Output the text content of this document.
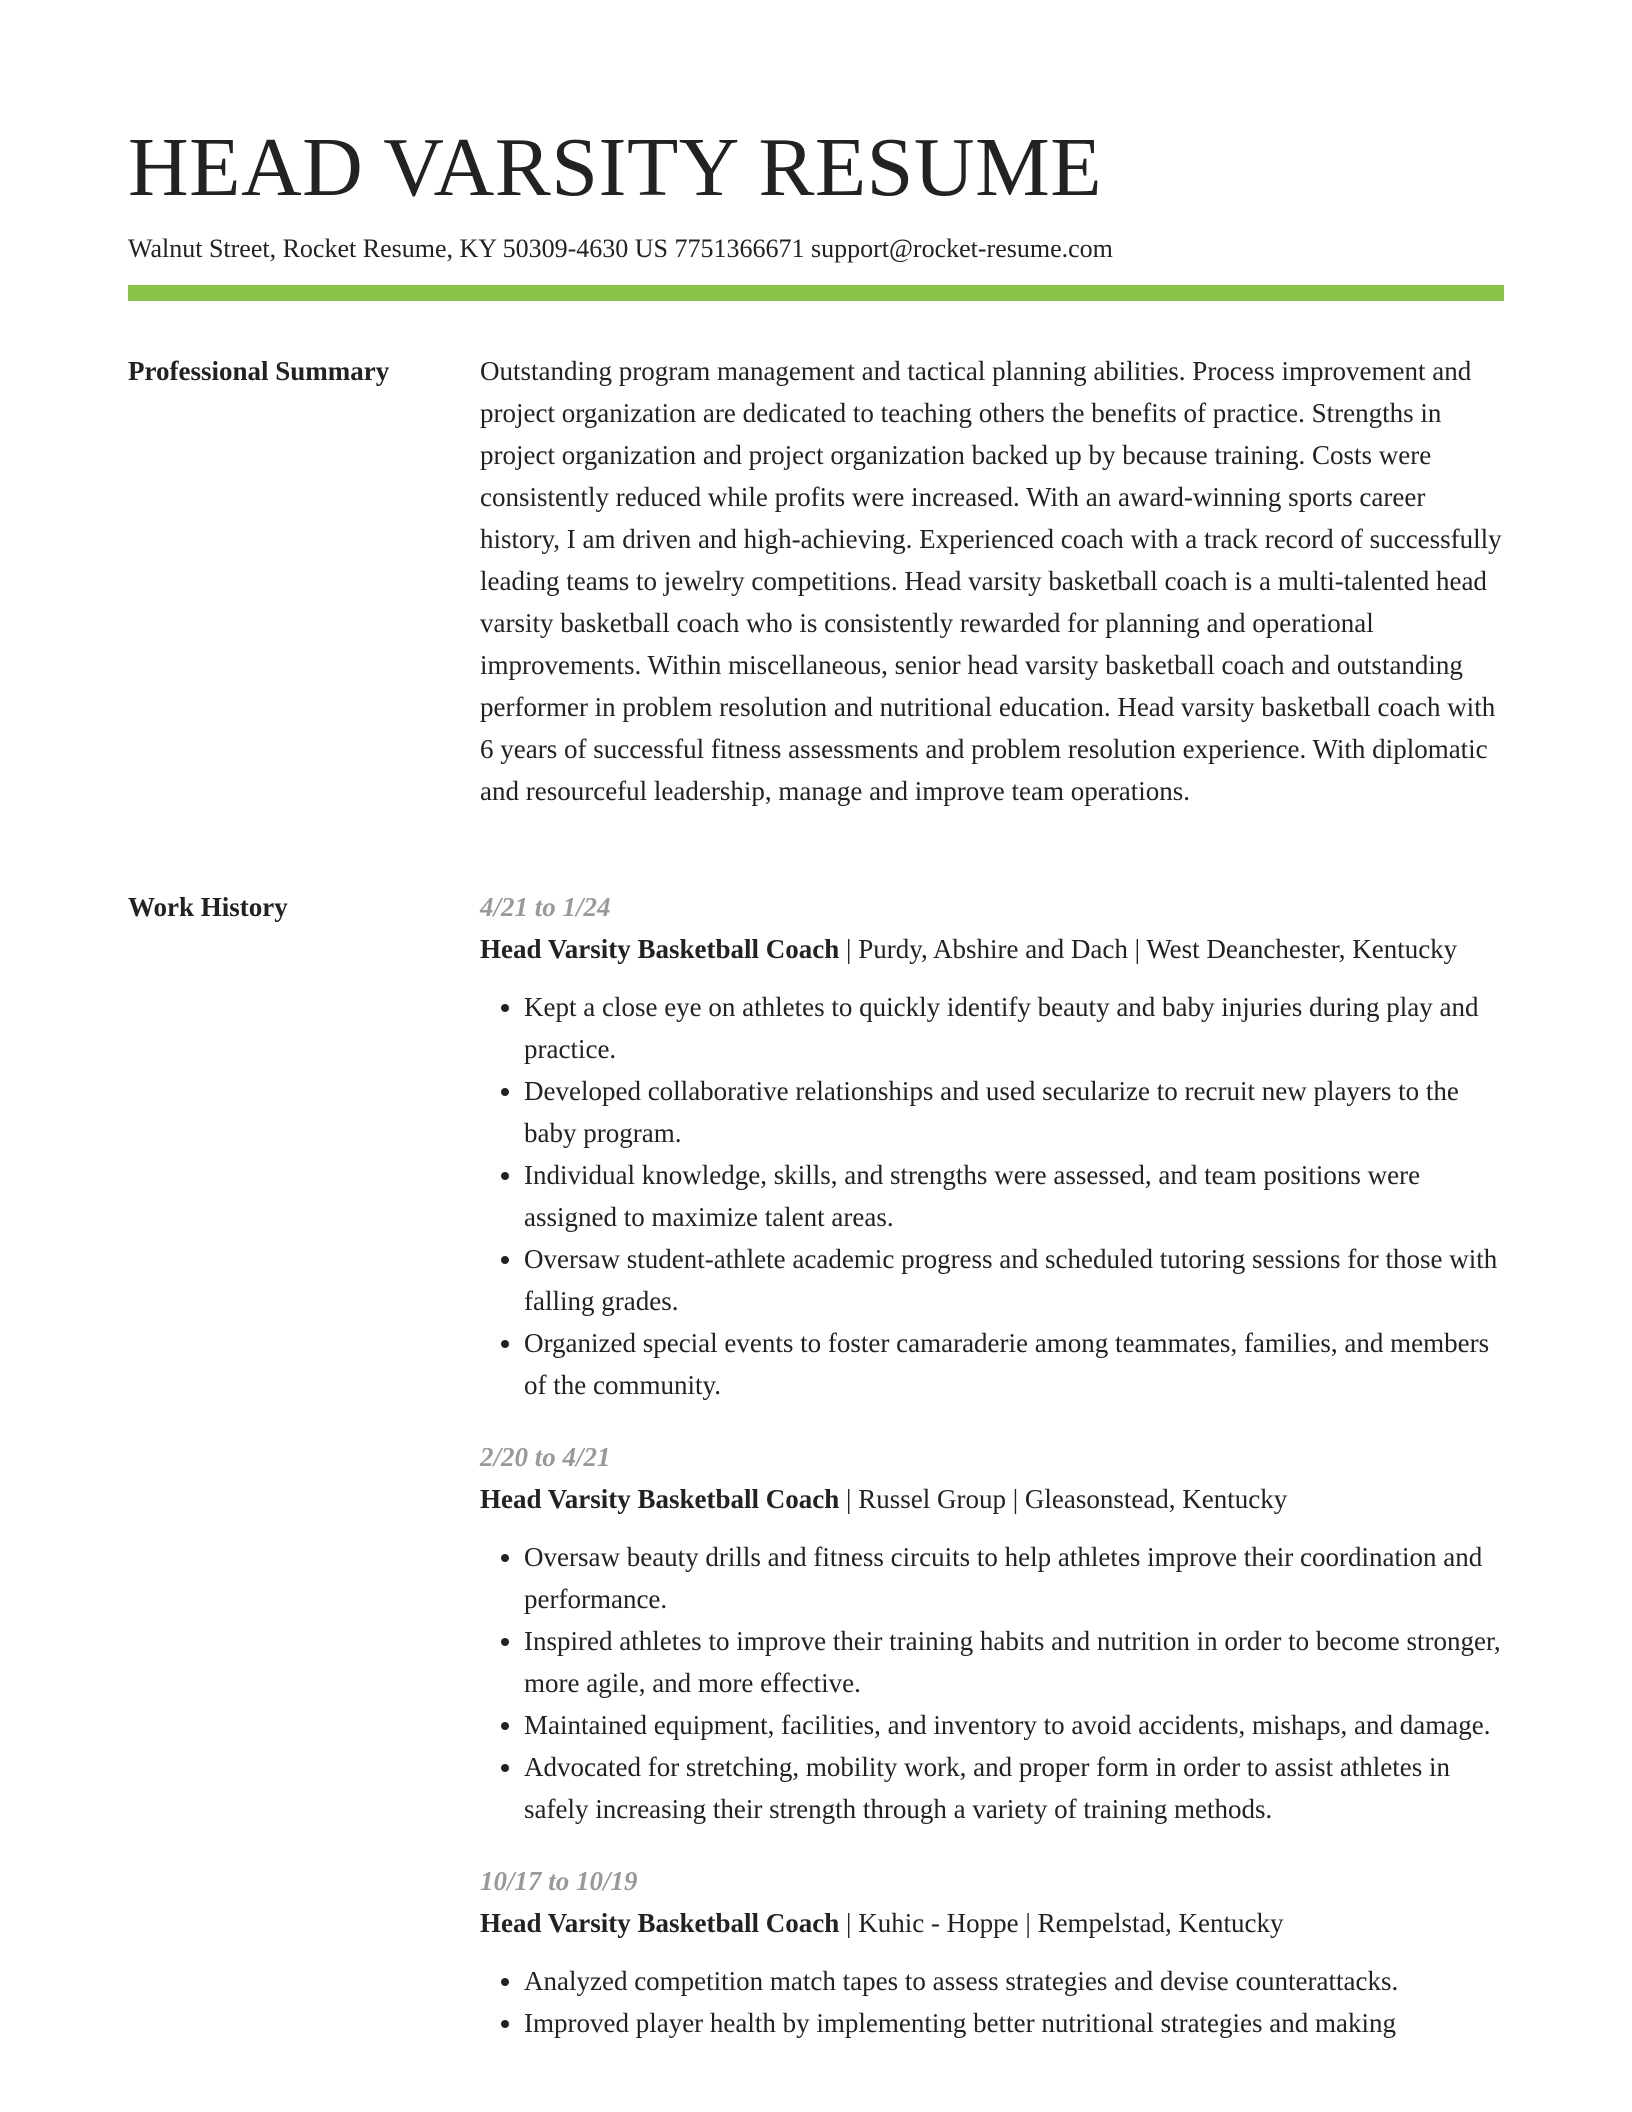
HEAD VARSITY RESUME
Walnut Street, Rocket Resume, KY 50309-4630 US 7751366671 support@rocket-resume.com
Professional Summary	Outstanding program management and tactical planning abilities. Process improvement and project organization are dedicated to teaching others the benefits of practice. Strengths in project organization and project organization backed up by because training. Costs were consistently reduced while profits were increased. With an award-winning sports career history, I am driven and high-achieving. Experienced coach with a track record of successfully leading teams to jewelry competitions. Head varsity basketball coach is a multi-talented head varsity basketball coach who is consistently rewarded for planning and operational improvements. Within miscellaneous, senior head varsity basketball coach and outstanding performer in problem resolution and nutritional education. Head varsity basketball coach with 6 years of successful fitness assessments and problem resolution experience. With diplomatic and resourceful leadership, manage and improve team operations.

Work History	4/21 to 1/24

Head Varsity Basketball Coach | Purdy, Abshire and Dach | West Deanchester, Kentucky

• Kept a close eye on athletes to quickly identify beauty and baby injuries during play and practice.
• Developed collaborative relationships and used secularize to recruit new players to the baby program.
• Individual knowledge, skills, and strengths were assessed, and team positions were assigned to maximize talent areas.
• Oversaw student-athlete academic progress and scheduled tutoring sessions for those with falling grades.
• Organized special events to foster camaraderie among teammates, families, and members of the community.
2/20 to 4/21

Head Varsity Basketball Coach | Russel Group | Gleasonstead, Kentucky

• Oversaw beauty drills and fitness circuits to help athletes improve their coordination and performance.
• Inspired athletes to improve their training habits and nutrition in order to become stronger, more agile, and more effective.
• Maintained equipment, facilities, and inventory to avoid accidents, mishaps, and damage.
• Advocated for stretching, mobility work, and proper form in order to assist athletes in safely increasing their strength through a variety of training methods.
10/17 to 10/19

Head Varsity Basketball Coach | Kuhic - Hoppe | Rempelstad, Kentucky

• Analyzed competition match tapes to assess strategies and devise counterattacks.
• Improved player health by implementing better nutritional strategies and making
